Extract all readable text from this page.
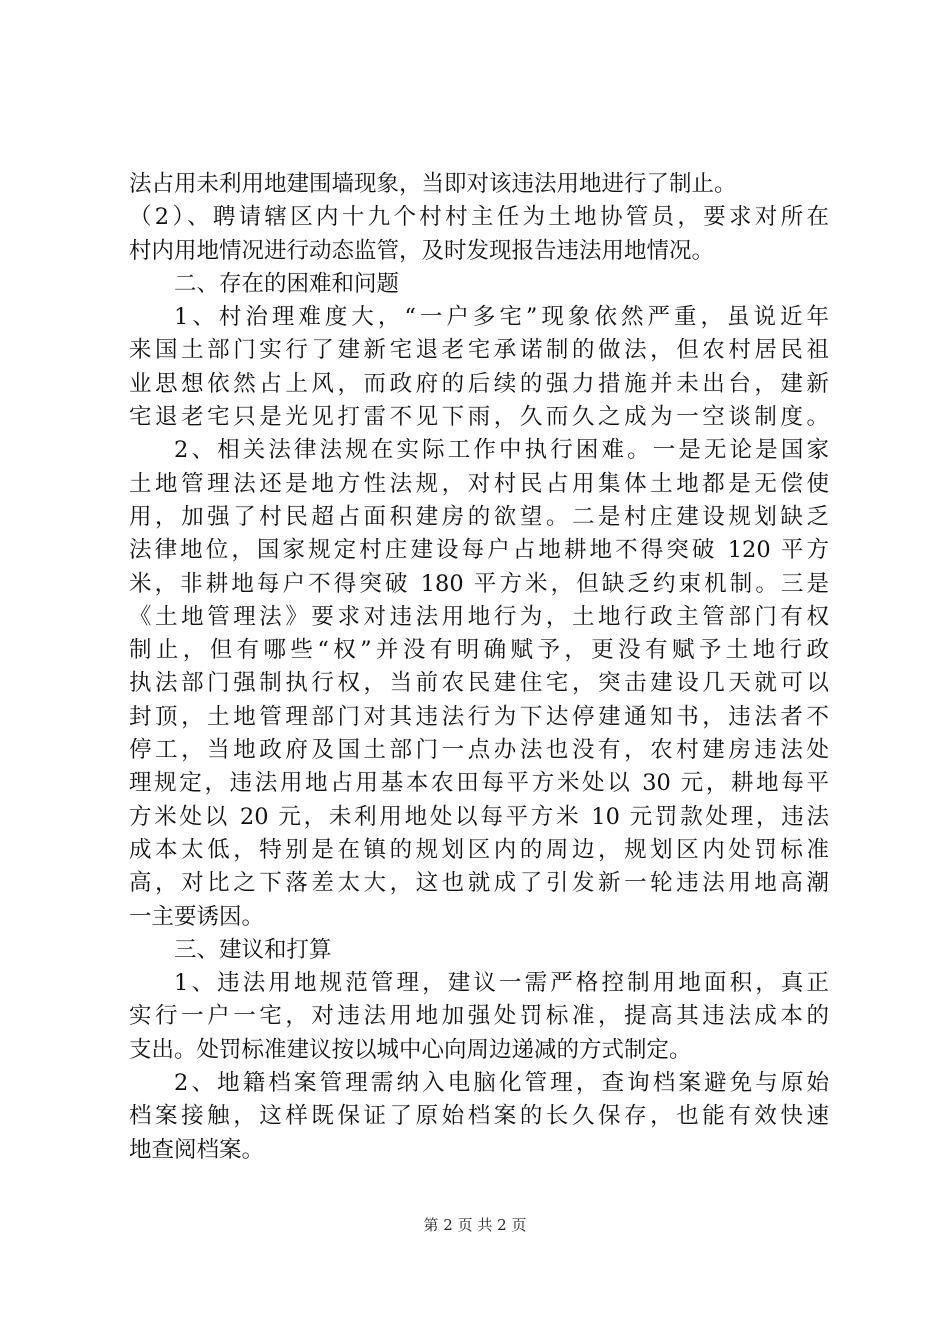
法占用未利用地建围墙现象，当即对该违法用地进行了制止。
（2）、聘请辖区内十九个村村主任为土地协管员，要求对所在
村内用地情况进行动态监管，及时发现报告违法用地情况。
二、存在的困难和问题
1、村治理难度大，“一户多宅”现象依然严重，虽说近年
来国土部门实行了建新宅退老宅承诺制的做法，但农村居民祖
业思想依然占上风，而政府的后续的强力措施并未出台，建新
宅退老宅只是光见打雷不见下雨，久而久之成为一空谈制度。
2、相关法律法规在实际工作中执行困难。一是无论是国家
土地管理法还是地方性法规，对村民占用集体土地都是无偿使
用，加强了村民超占面积建房的欲望。二是村庄建设规划缺乏
法律地位，国家规定村庄建设每户占地耕地不得突破 120 平方
米，非耕地每户不得突破 180 平方米，但缺乏约束机制。三是
《土地管理法》要求对违法用地行为，土地行政主管部门有权
制止，但有哪些“权”并没有明确赋予，更没有赋予土地行政
执法部门强制执行权，当前农民建住宅，突击建设几天就可以
封顶，土地管理部门对其违法行为下达停建通知书，违法者不
停工，当地政府及国土部门一点办法也没有，农村建房违法处
理规定，违法用地占用基本农田每平方米处以 30 元，耕地每平
方米处以 20 元，未利用地处以每平方米 10 元罚款处理，违法
成本太低，特别是在镇的规划区内的周边，规划区内处罚标准
高，对比之下落差太大，这也就成了引发新一轮违法用地高潮
一主要诱因。
三、建议和打算
1、违法用地规范管理，建议一需严格控制用地面积，真正
实行一户一宅，对违法用地加强处罚标准，提高其违法成本的
支出。处罚标准建议按以城中心向周边递减的方式制定。
2、地籍档案管理需纳入电脑化管理，查询档案避免与原始
档案接触，这样既保证了原始档案的长久保存，也能有效快速
地查阅档案。
第 2 页 共 2 页
